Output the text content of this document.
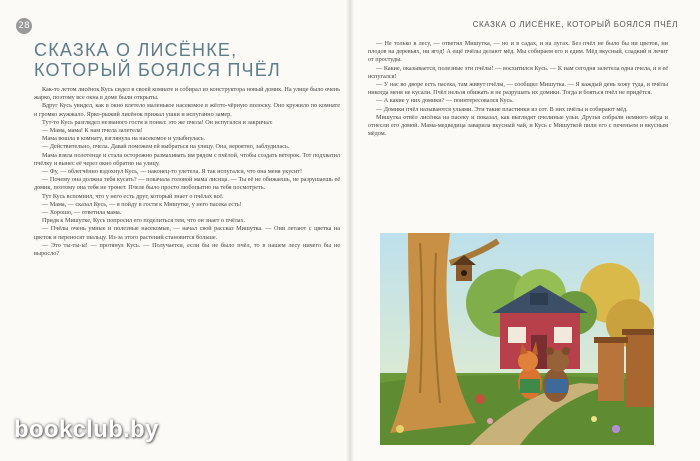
28	СКАЗКА О ЛИСЁНКЕ, КОТОРЫЙ БОЯЛСЯ ПЧЁЛ
СКАЗКА О ЛИСЁНКЕ, КОТОРЫЙ БОЯЛСЯ ПЧЁЛ

Как-то летом лисёнок Кусь сидел в своей комнате и собирал из конструктора новый домик. На улице было очень жарко, поэтому все окна в доме были открыты.

Вдруг Кусь увидел, как в окно влетело маленькое насекомое в жёлто-чёрную полоску. Оно кружило по комнате и громко жужжало. Ярко-рыжий лисёнок прижал ушки и испуганно замер.

Тут-то Кусь разглядел незваного гостя и понял: это же пчела! Он испугался и закричал:

— Мама, мама! К нам пчела залетела!

Мама вошла в комнату, взглянула на насекомое и улыбнулась.

— Действительно, пчела. Давай поможем ей выбраться на улицу. Она, вероятно, заблудилась.

Мама взяла полотенце и стала осторожно размахивать им рядом с пчёлой, чтобы создать ветерок. Тот подхватил пчёлку и вынес её через окно обратно на улицу.

— Фу, — облегчённо вздохнул Кусь, — наконец-то улетела. Я так испугался, что она меня укусит!

— Почему она должна тебя кусать? — покачала головой мама лисица. — Ты её не обижаешь, не разрушаешь её домик, поэтому она тебя не тронет. Пчеле было просто любопытно на тебя посмотреть.

Тут Кусь вспомнил, что у него есть друг, который знает о пчёлах всё.

— Мама, — сказал Кусь, — я пойду в гости к Мишутке, у него пасека есть!

— Хорошо, — ответила мама.

Придя к Мишутке, Кусь попросил его поделиться тем, что он знает о пчёлах.

— Пчёлы очень умные и полезные насекомые, — начал свой рассказ Мишутка. — Они летают с цветка на цветок и переносят пыльцу. Из-за этого растений становится больше.

— Это ты-ты-ы! — протянул Кусь. — Получается, если бы не было пчёл, то в нашем лесу ничего бы не выросло?

— Не только в лесу, — ответил Мишутка, — но и в садах, и на лугах. Без пчёл не было бы ни цветов, ни плодов на деревьях, ни ягод! А ещё пчёлы делают мёд. Мы собираем его и едим. Мёд вкусный, сладкий и лечит от простуды.

— Какие, оказывается, полезные эти пчёлы! — восхитился Кусь. — К нам сегодня залетела одна пчела, и я её испугался!

— У нас во дворе есть пасека, там живут пчёлы, — сообщил Мишутка. — Я каждый день хожу туда, и пчёлы никогда меня не кусали. Пчёл нельзя обижать и не разрушать их домики. Тогда и бояться пчёл не придётся.

— А какие у них домики? — поинтересовался Кусь.

— Домики пчёл называются ульями. Эти такие пластинки из сот. В них пчёлы и собирают мёд.

Мишутка отвёл лисёнка на пасеку и показал, как выглядят пчелиные ульи. Друзья собрали немного мёда и отнесли его домой. Мама-медведица заварила вкусный чай, и Кусь с Мишуткой пили его с печеньем и вкусным мёдом.

bookclub.by
